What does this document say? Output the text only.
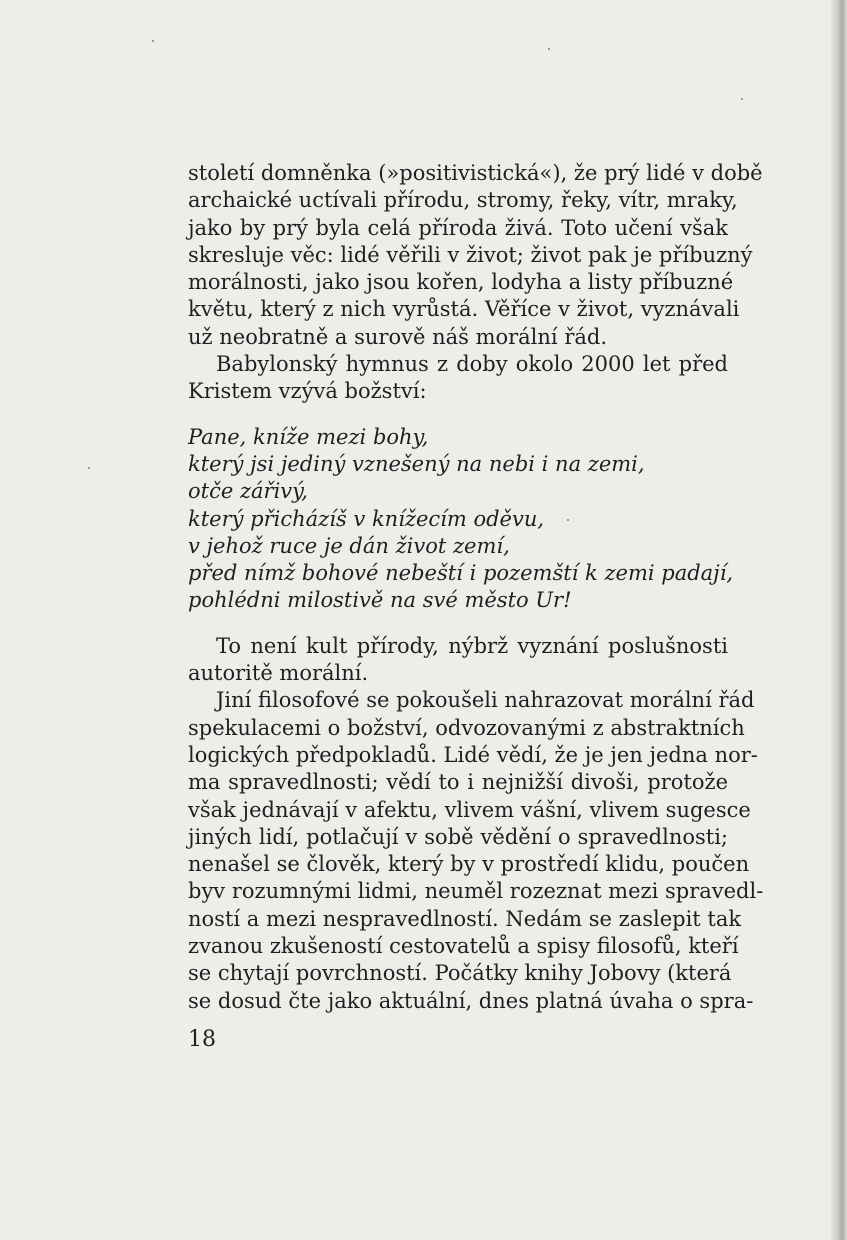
století domněnka (»positivistická«), že prý lidé v době
archaické uctívali přírodu, stromy, řeky, vítr, mraky,
jako by prý byla celá příroda živá. Toto učení však
skresluje věc: lidé věřili v život; život pak je příbuzný
morálnosti, jako jsou kořen, lodyha a listy příbuzné
květu, který z nich vyrůstá. Věříce v život, vyznávali
už neobratně a surově náš morální řád.
Babylonský hymnus z doby okolo 2000 let před
Kristem vzývá božství:
Pane, kníže mezi bohy,
který jsi jediný vznešený na nebi i na zemi,
otče zářivý,
který přicházíš v knížecím oděvu,
v jehož ruce je dán život zemí,
před nímž bohové nebeští i pozemští k zemi padají,
pohlédni milostivě na své město Ur!
To není kult přírody, nýbrž vyznání poslušnosti
autoritě morální.
Jiní filosofové se pokoušeli nahrazovat morální řád
spekulacemi o božství, odvozovanými z abstraktních
logických předpokladů. Lidé vědí, že je jen jedna nor-
ma spravedlnosti; vědí to i nejnižší divoši, protože
však jednávají v afektu, vlivem vášní, vlivem sugesce
jiných lidí, potlačují v sobě vědění o spravedlnosti;
nenašel se člověk, který by v prostředí klidu, poučen
byv rozumnými lidmi, neuměl rozeznat mezi spravedl-
ností a mezi nespravedlností. Nedám se zaslepit tak
zvanou zkušeností cestovatelů a spisy filosofů, kteří
se chytají povrchností. Počátky knihy Jobovy (která
se dosud čte jako aktuální, dnes platná úvaha o spra-
18
